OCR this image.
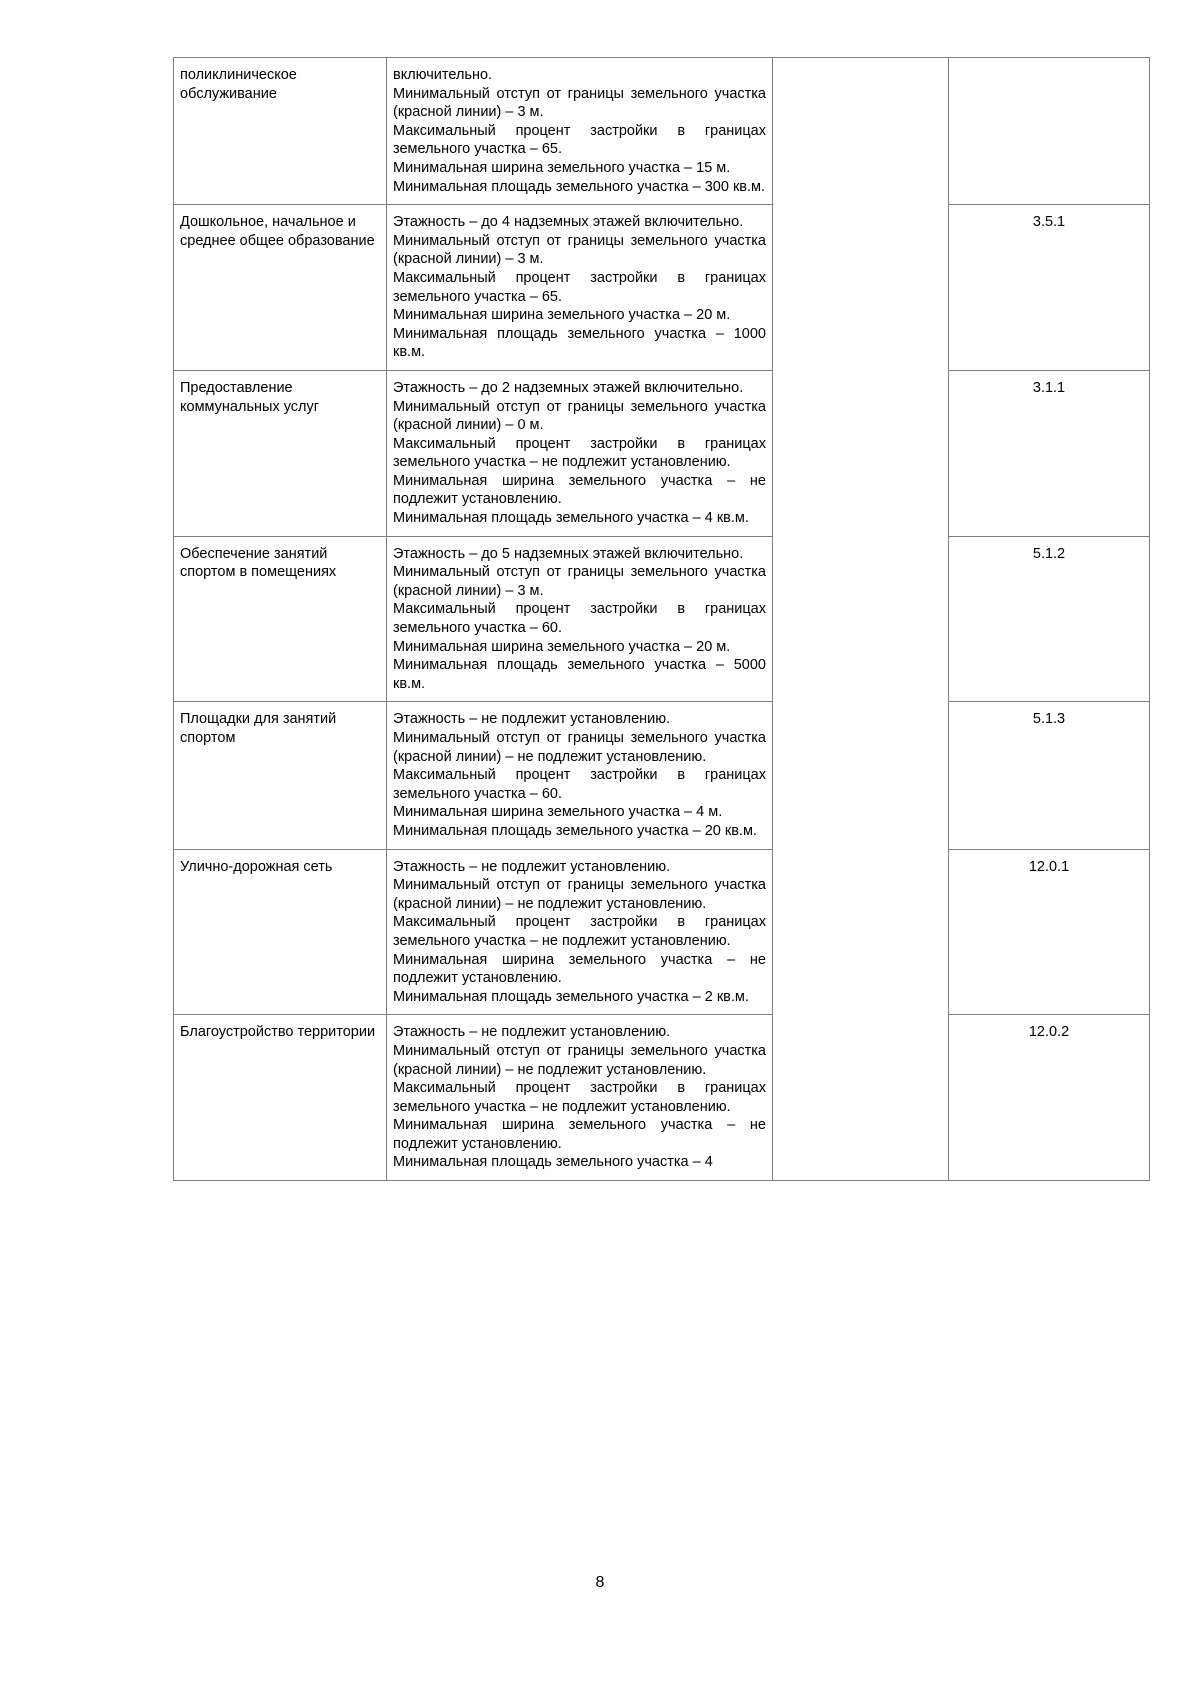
поликлиническое обслуживание	включительно.
Минимальный отступ от границы земельного участка (красной линии) – 3 м.
Максимальный процент застройки в границах земельного участка – 65.
Минимальная ширина земельного участка – 15 м.
Минимальная площадь земельного участка – 300 кв.м.		

Дошкольное, начальное и среднее общее образование	Этажность – до 4 надземных этажей включительно.
Минимальный отступ от границы земельного участка (красной линии) – 3 м.
Максимальный процент застройки в границах земельного участка – 65.
Минимальная ширина земельного участка – 20 м.
Минимальная площадь земельного участка – 1000 кв.м.		3.5.1
Предоставление коммунальных услуг	Этажность – до 2 надземных этажей включительно.
Минимальный отступ от границы земельного участка (красной линии) – 0 м.
Максимальный процент застройки в границах земельного участка – не подлежит установлению.
Минимальная ширина земельного участка – не подлежит установлению.
Минимальная площадь земельного участка – 4 кв.м.		3.1.1
Обеспечение занятий спортом в помещениях	Этажность – до 5 надземных этажей включительно.
Минимальный отступ от границы земельного участка (красной линии) – 3 м.
Максимальный процент застройки в границах земельного участка – 60.
Минимальная ширина земельного участка – 20 м.
Минимальная площадь земельного участка – 5000 кв.м.		5.1.2
Площадки для занятий спортом	Этажность – не подлежит установлению.
Минимальный отступ от границы земельного участка (красной линии) – не подлежит установлению.
Максимальный процент застройки в границах земельного участка – 60.
Минимальная ширина земельного участка – 4 м.
Минимальная площадь земельного участка – 20 кв.м.		5.1.3
Улично-дорожная сеть	Этажность – не подлежит установлению.
Минимальный отступ от границы земельного участка (красной линии) – не подлежит установлению.
Максимальный процент застройки в границах земельного участка – не подлежит установлению.
Минимальная ширина земельного участка – не подлежит установлению.
Минимальная площадь земельного участка – 2 кв.м.		12.0.1
Благоустройство территории	Этажность – не подлежит установлению.
Минимальный отступ от границы земельного участка (красной линии) – не подлежит установлению.
Максимальный процент застройки в границах земельного участка – не подлежит установлению.
Минимальная ширина земельного участка – не подлежит установлению.
Минимальная площадь земельного участка – 4		12.0.2
8
